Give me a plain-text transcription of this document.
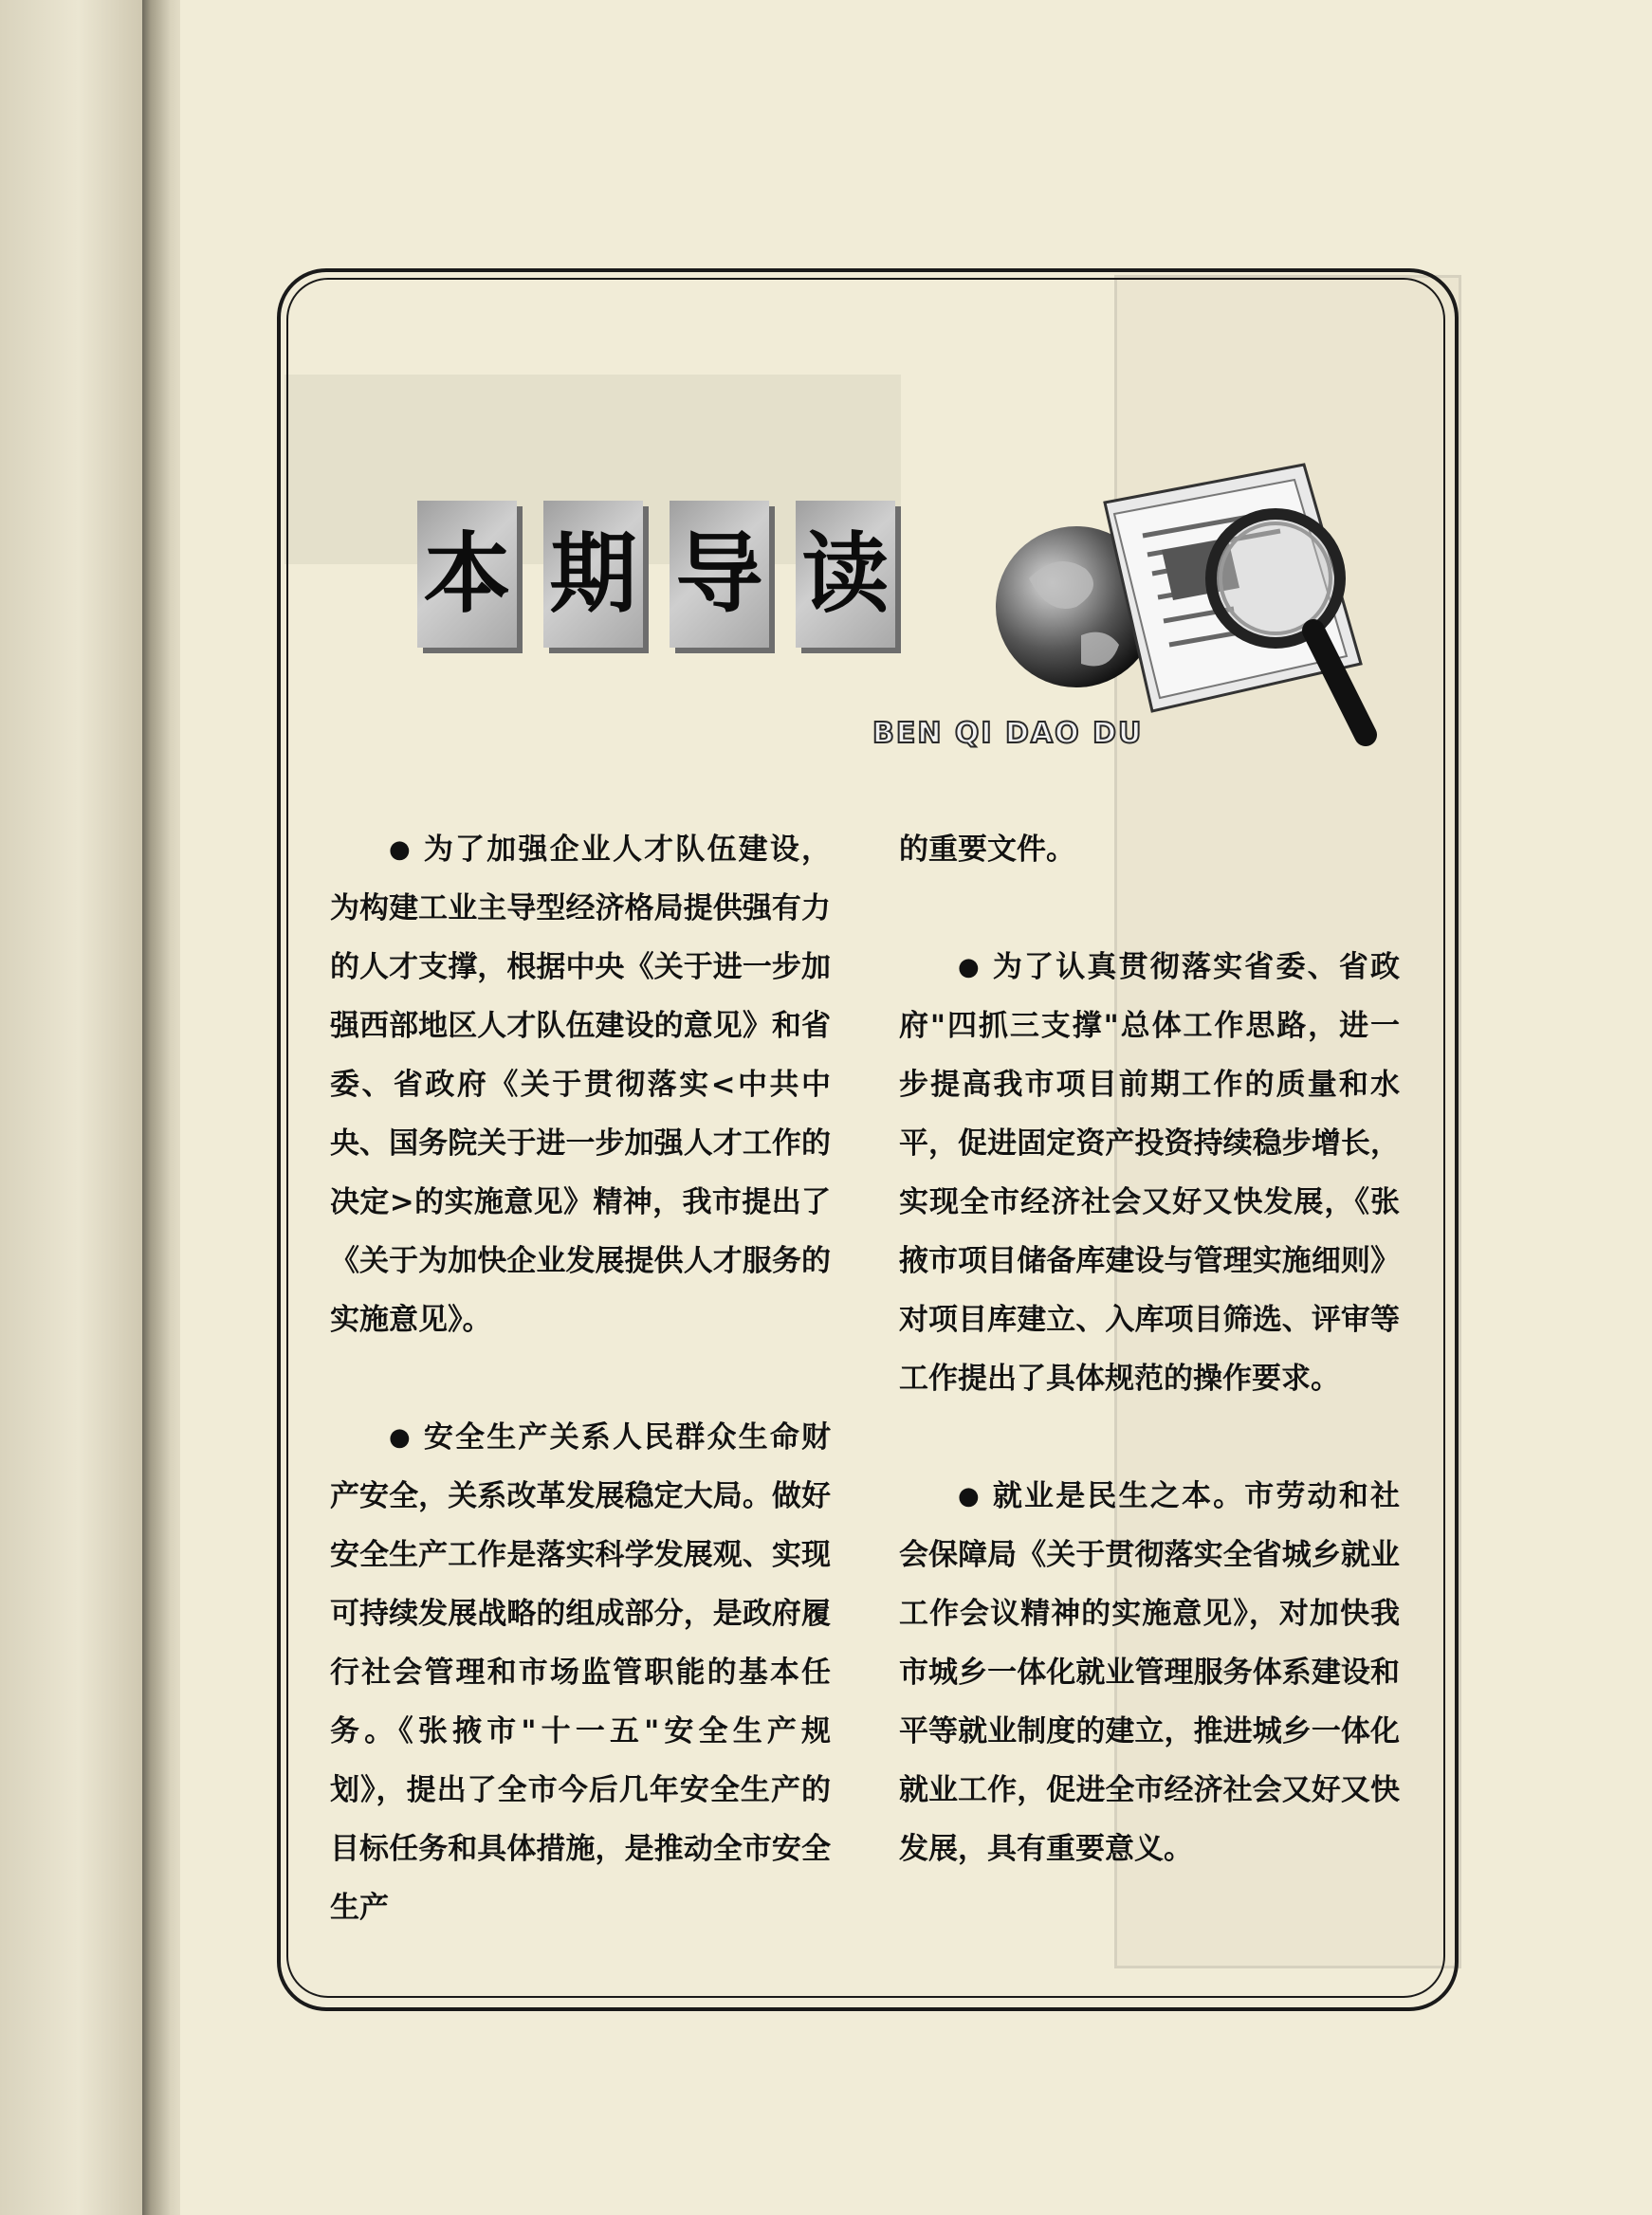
本 期 导 读
BEN QI DAO DU

● 为了加强企业人才队伍建设，为构建工业主导型经济格局提供强有力的人才支撑，根据中央《关于进一步加强西部地区人才队伍建设的意见》和省委、省政府《关于贯彻落实<中共中央、国务院关于进一步加强人才工作的决定>的实施意见》精神，我市提出了《关于为加快企业发展提供人才服务的实施意见》。

● 安全生产关系人民群众生命财产安全，关系改革发展稳定大局。做好安全生产工作是落实科学发展观、实现可持续发展战略的组成部分，是政府履行社会管理和市场监管职能的基本任务。《张掖市"十一五"安全生产规划》，提出了全市今后几年安全生产的目标任务和具体措施，是推动全市安全生产

的重要文件。

● 为了认真贯彻落实省委、省政府"四抓三支撑"总体工作思路，进一步提高我市项目前期工作的质量和水平，促进固定资产投资持续稳步增长，实现全市经济社会又好又快发展，《张掖市项目储备库建设与管理实施细则》对项目库建立、入库项目筛选、评审等工作提出了具体规范的操作要求。

● 就业是民生之本。市劳动和社会保障局《关于贯彻落实全省城乡就业工作会议精神的实施意见》，对加快我市城乡一体化就业管理服务体系建设和平等就业制度的建立，推进城乡一体化就业工作，促进全市经济社会又好又快发展，具有重要意义。
